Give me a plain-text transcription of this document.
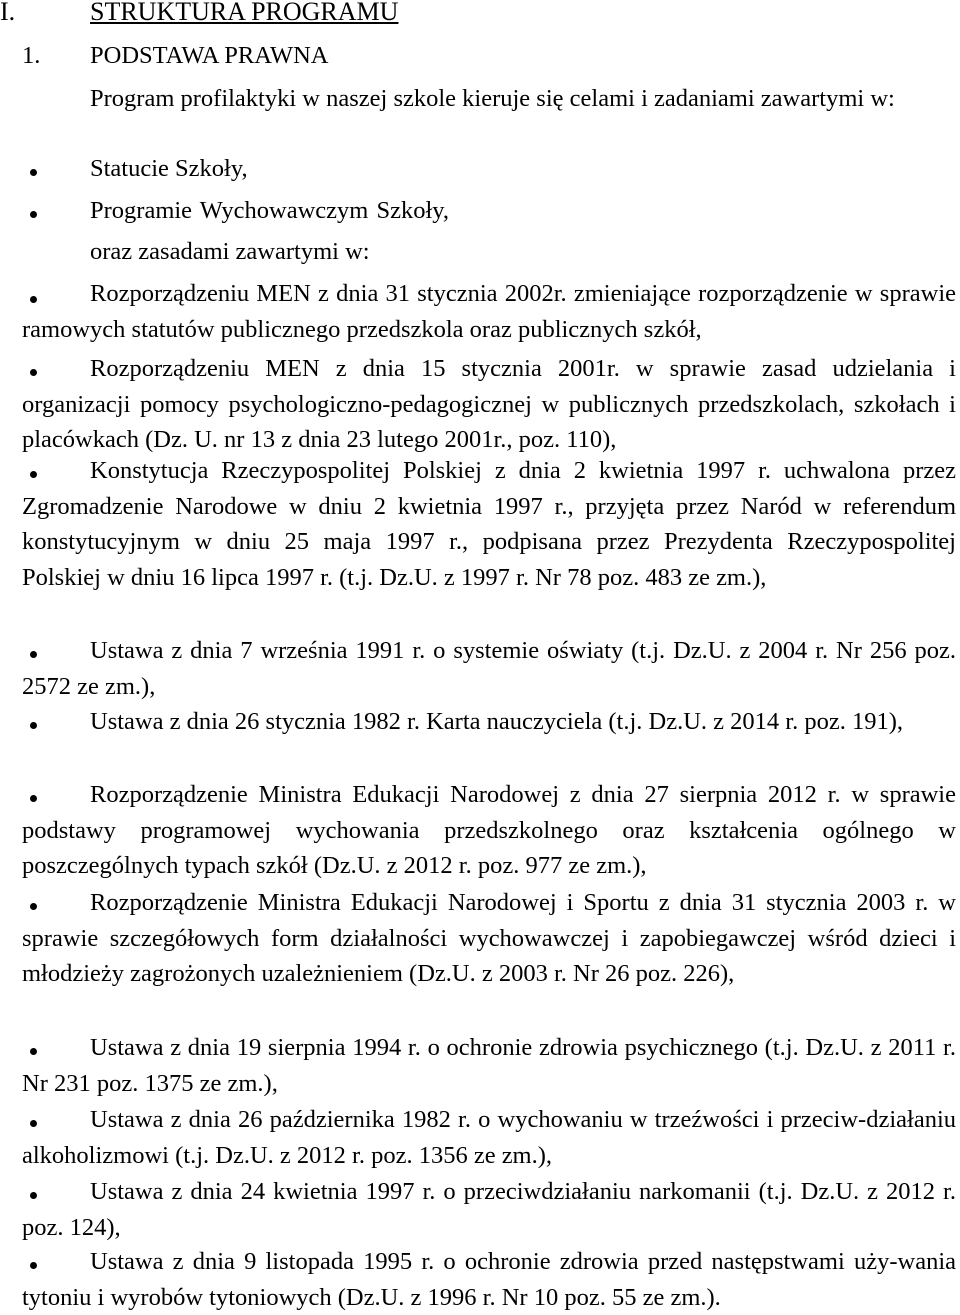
I.	STRUKTURA PROGRAMU
1. PODSTAWA PRAWNA
Program profilaktyki w naszej szkole kieruje się celami i zadaniami zawartymi w:
Statucie Szkoły,
Programie Wychowawczym Szkoły,
oraz zasadami zawartymi w:
Rozporządzeniu MEN z dnia 31 stycznia 2002r. zmieniające rozporządzenie w sprawie ramowych statutów publicznego przedszkola oraz publicznych szkół,
Rozporządzeniu MEN z dnia 15 stycznia 2001r. w sprawie zasad udzielania i organizacji pomocy psychologiczno-pedagogicznej w publicznych przedszkolach, szkołach i placówkach (Dz. U. nr 13 z dnia 23 lutego 2001r., poz. 110),
Konstytucja Rzeczypospolitej Polskiej z dnia 2 kwietnia 1997 r. uchwalona przez Zgromadzenie Narodowe w dniu 2 kwietnia 1997 r., przyjęta przez Naród w referendum konstytucyjnym w dniu 25 maja 1997 r., podpisana przez Prezydenta Rzeczypospolitej Polskiej w dniu 16 lipca 1997 r. (t.j. Dz.U. z 1997 r. Nr 78 poz. 483 ze zm.),
Ustawa z dnia 7 września 1991 r. o systemie oświaty (t.j. Dz.U. z 2004 r. Nr 256 poz. 2572 ze zm.),
Ustawa z dnia 26 stycznia 1982 r. Karta nauczyciela (t.j. Dz.U. z 2014 r. poz. 191),
Rozporządzenie Ministra Edukacji Narodowej z dnia 27 sierpnia 2012 r. w sprawie podstawy programowej wychowania przedszkolnego oraz kształcenia ogólnego w poszczególnych typach szkół (Dz.U. z 2012 r. poz. 977 ze zm.),
Rozporządzenie Ministra Edukacji Narodowej i Sportu z dnia 31 stycznia 2003 r. w sprawie szczegółowych form działalności wychowawczej i zapobiegawczej wśród dzieci i młodzieży zagrożonych uzależnieniem (Dz.U. z 2003 r. Nr 26 poz. 226),
Ustawa z dnia 19 sierpnia 1994 r. o ochronie zdrowia psychicznego (t.j. Dz.U. z 2011 r. Nr 231 poz. 1375 ze zm.),
Ustawa z dnia 26 października 1982 r. o wychowaniu w trzeźwości i przeciw-działaniu alkoholizmowi (t.j. Dz.U. z 2012 r. poz. 1356 ze zm.),
Ustawa z dnia 24 kwietnia 1997 r. o przeciwdziałaniu narkomanii (t.j. Dz.U. z 2012 r. poz. 124),
Ustawa z dnia 9 listopada 1995 r. o ochronie zdrowia przed następstwami uży-wania tytoniu i wyrobów tytoniowych (Dz.U. z 1996 r. Nr 10 poz. 55 ze zm.).
